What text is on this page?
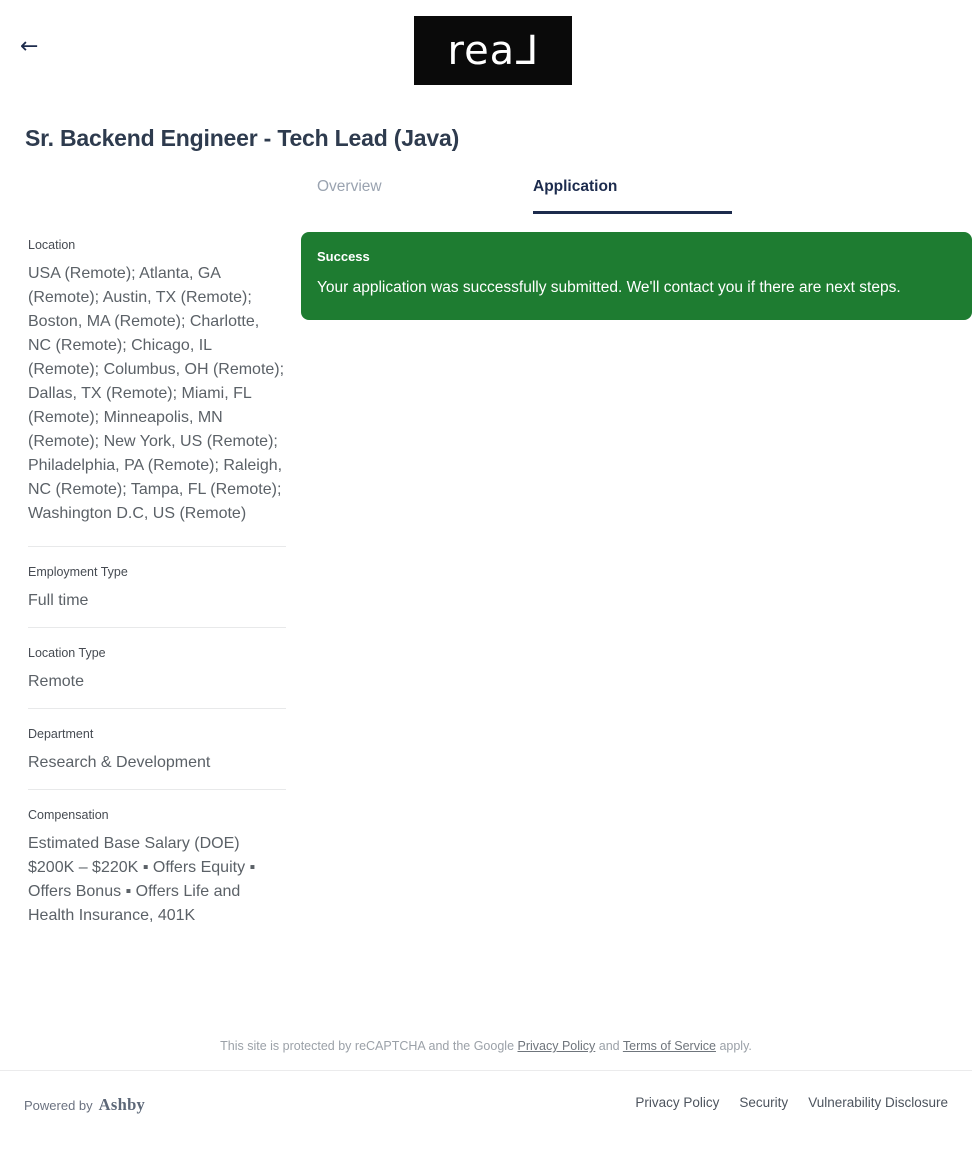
←	reaL
Sr. Backend Engineer - Tech Lead (Java)
Location
USA (Remote); Atlanta, GA (Remote); Austin, TX (Remote); Boston, MA (Remote); Charlotte, NC (Remote); Chicago, IL (Remote); Columbus, OH (Remote); Dallas, TX (Remote); Miami, FL (Remote); Minneapolis, MN (Remote); New York, US (Remote); Philadelphia, PA (Remote); Raleigh, NC (Remote); Tampa, FL (Remote); Washington D.C, US (Remote)
Employment Type
Full time
Location Type
Remote
Department
Research & Development
Compensation
Estimated Base Salary (DOE) $200K – $220K ▪ Offers Equity ▪ Offers Bonus ▪ Offers Life and Health Insurance, 401K
Overview	Application
Success
Your application was successfully submitted. We'll contact you if there are next steps.
This site is protected by reCAPTCHA and the Google Privacy Policy and Terms of Service apply.
Powered by Ashby	Privacy Policy Security Vulnerability Disclosure
